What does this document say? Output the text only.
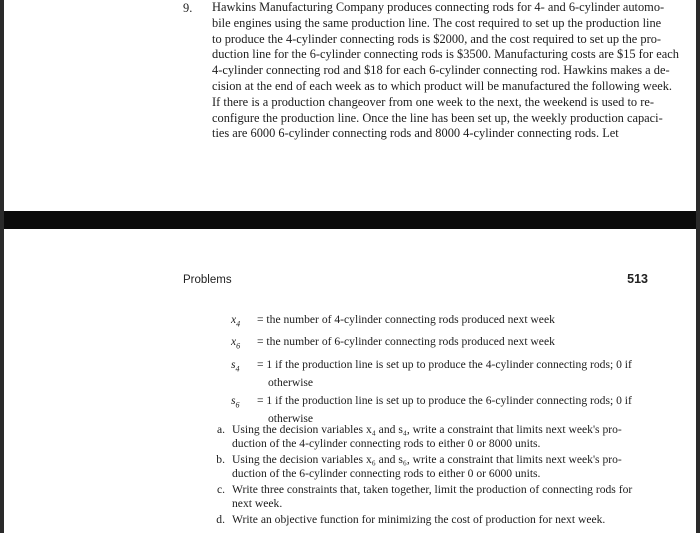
9. Hawkins Manufacturing Company produces connecting rods for 4- and 6-cylinder automo-
bile engines using the same production line. The cost required to set up the production line
to produce the 4-cylinder connecting rods is $2000, and the cost required to set up the pro-
duction line for the 6-cylinder connecting rods is $3500. Manufacturing costs are $15 for each
4-cylinder connecting rod and $18 for each 6-cylinder connecting rod. Hawkins makes a de-
cision at the end of each week as to which product will be manufactured the following week.
If there is a production changeover from one week to the next, the weekend is used to re-
configure the production line. Once the line has been set up, the weekly production capaci-
ties are 6000 6-cylinder connecting rods and 8000 4-cylinder connecting rods. Let
Problems	513
$x_4$ = the number of 4-cylinder connecting rods produced next week
$x_6$ = the number of 6-cylinder connecting rods produced next week
$s_4 = 1$ if the production line is set up to produce the 4-cylinder connecting rods; 0 if
otherwise
$s_6 = 1$ if the production line is set up to produce the 6-cylinder connecting rods; 0 if
otherwise
a. Using the decision variables x₄ and s₄, write a constraint that limits next week's pro-
duction of the 4-cylinder connecting rods to either 0 or 8000 units.
b. Using the decision variables x₆ and s₆, write a constraint that limits next week's pro-
duction of the 6-cylinder connecting rods to either 0 or 6000 units.
c. Write three constraints that, taken together, limit the production of connecting rods for
next week.
d. Write an objective function for minimizing the cost of production for next week.
